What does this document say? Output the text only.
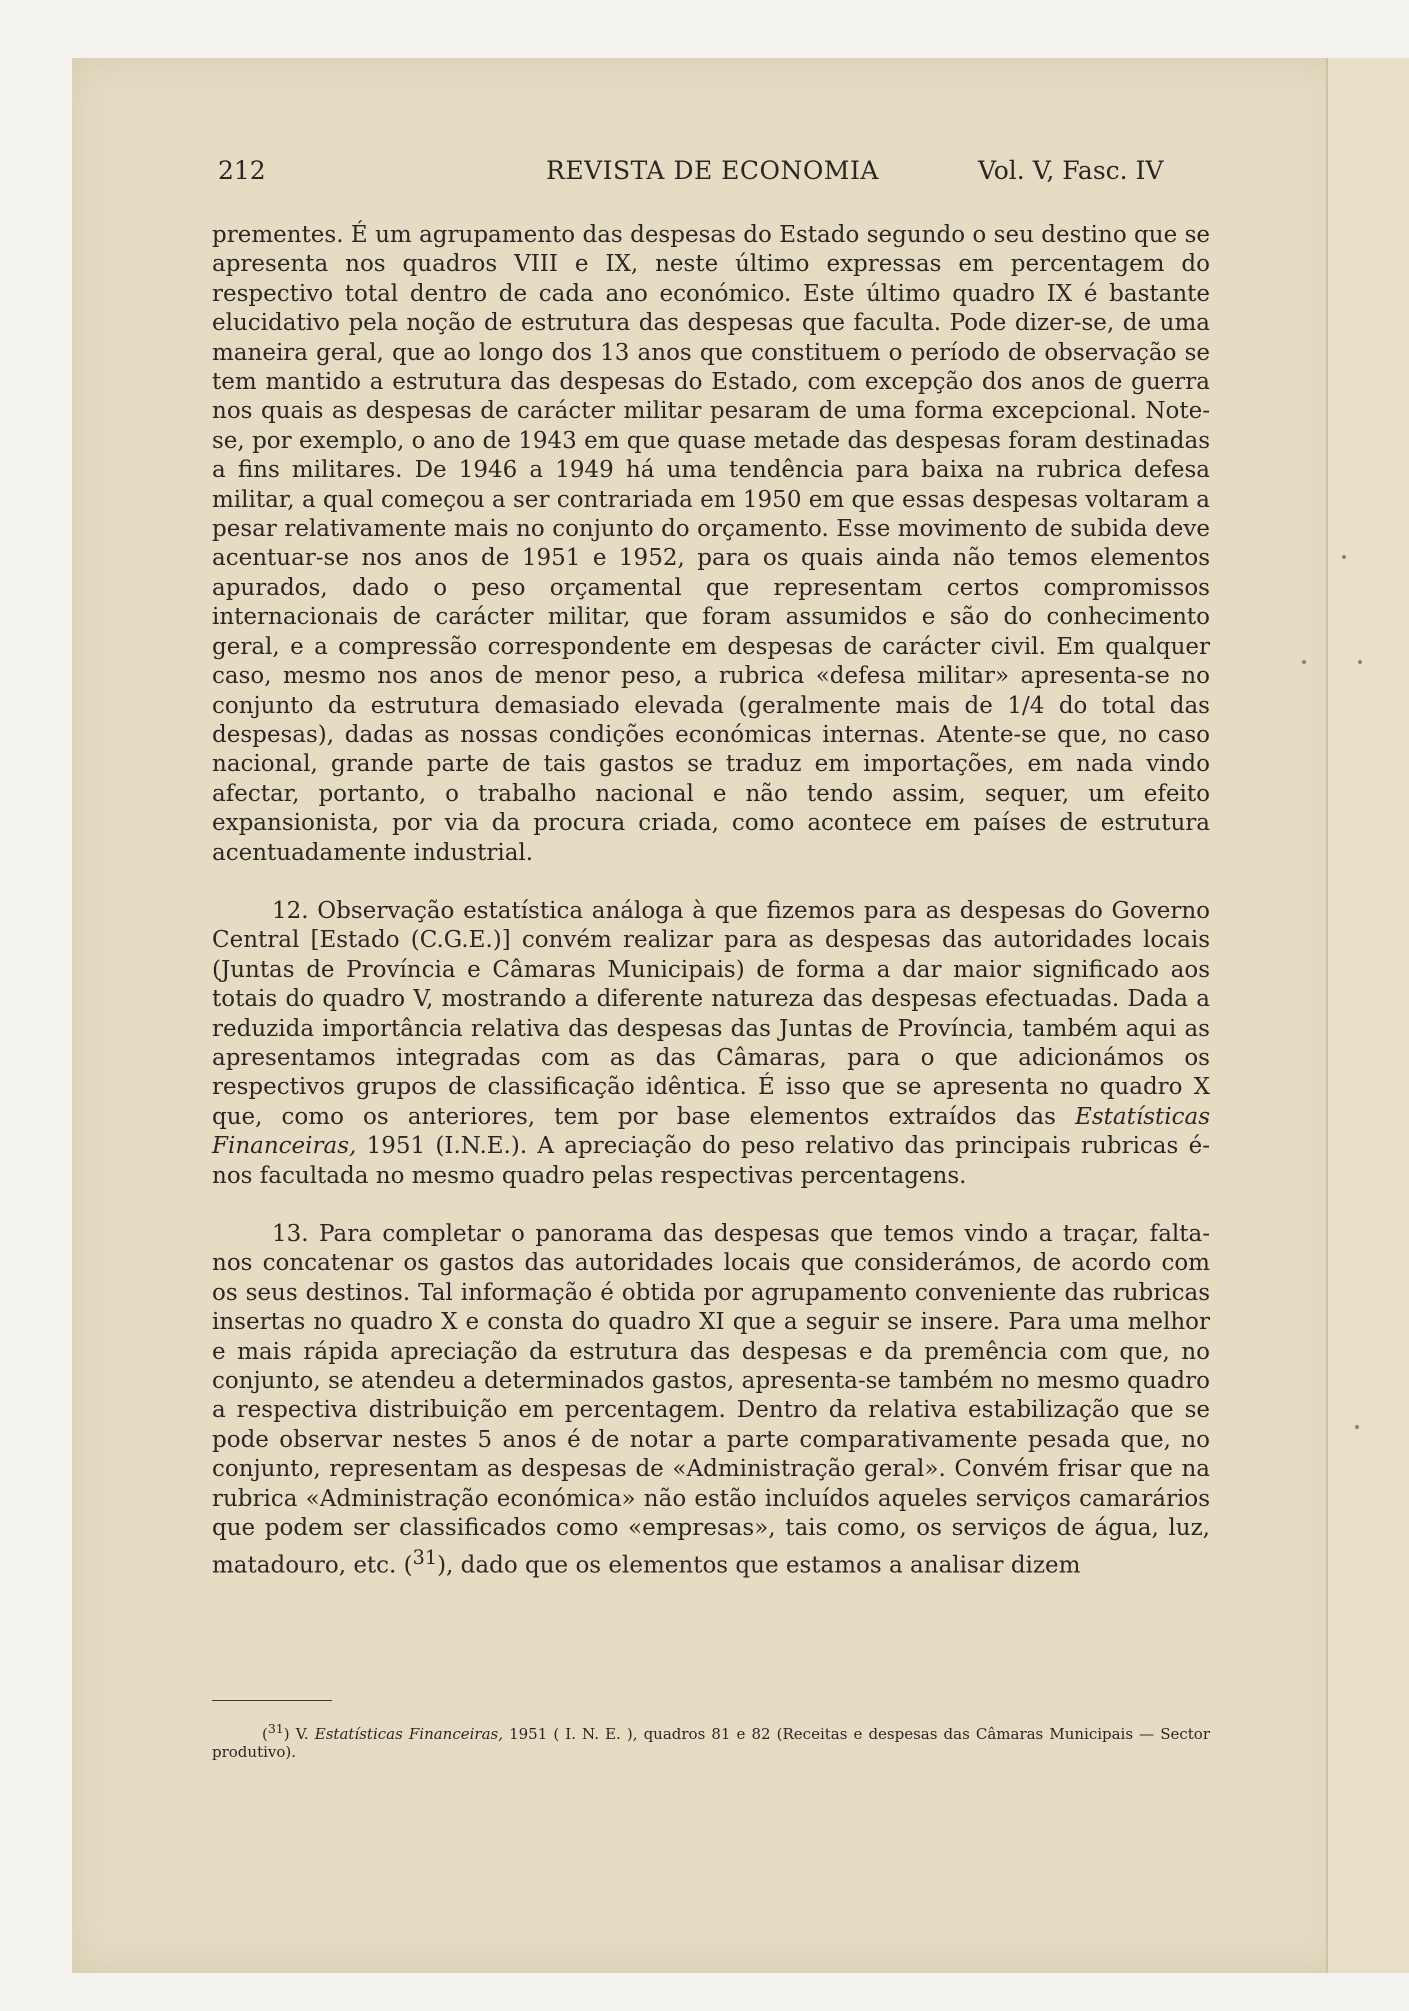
212	REVISTA DE ECONOMIA	Vol. V, Fasc. IV

prementes. É um agrupamento das despesas do Estado segundo o seu destino que se apresenta nos quadros VIII e IX, neste último expressas em percentagem do respectivo total dentro de cada ano económico. Este último quadro IX é bastante elucidativo pela noção de estrutura das despesas que faculta. Pode dizer-se, de uma maneira geral, que ao longo dos 13 anos que constituem o período de observação se tem mantido a estrutura das despesas do Estado, com excepção dos anos de guerra nos quais as despesas de carácter militar pesaram de uma forma excepcional. Note-se, por exemplo, o ano de 1943 em que quase metade das despesas foram destinadas a fins militares. De 1946 a 1949 há uma tendência para baixa na rubrica defesa militar, a qual começou a ser contrariada em 1950 em que essas despesas voltaram a pesar relativamente mais no conjunto do orçamento. Esse movimento de subida deve acentuar-se nos anos de 1951 e 1952, para os quais ainda não temos elementos apurados, dado o peso orçamental que representam certos compromissos internacionais de carácter militar, que foram assumidos e são do conhecimento geral, e a compressão correspondente em despesas de carácter civil. Em qualquer caso, mesmo nos anos de menor peso, a rubrica «defesa militar» apresenta-se no conjunto da estrutura demasiado elevada (geralmente mais de 1/4 do total das despesas), dadas as nossas condições económicas internas. Atente-se que, no caso nacional, grande parte de tais gastos se traduz em importações, em nada vindo afectar, portanto, o trabalho nacional e não tendo assim, sequer, um efeito expansionista, por via da procura criada, como acontece em países de estrutura acentuadamente industrial.

12. Observação estatística análoga à que fizemos para as despesas do Governo Central [Estado (C.G.E.)] convém realizar para as despesas das autoridades locais (Juntas de Província e Câmaras Municipais) de forma a dar maior significado aos totais do quadro V, mostrando a diferente natureza das despesas efectuadas. Dada a reduzida importância relativa das despesas das Juntas de Província, também aqui as apresentamos integradas com as das Câmaras, para o que adicionámos os respectivos grupos de classificação idêntica. É isso que se apresenta no quadro X que, como os anteriores, tem por base elementos extraídos das Estatísticas Financeiras, 1951 (I.N.E.). A apreciação do peso relativo das principais rubricas é-nos facultada no mesmo quadro pelas respectivas percentagens.

13. Para completar o panorama das despesas que temos vindo a traçar, falta-nos concatenar os gastos das autoridades locais que considerámos, de acordo com os seus destinos. Tal informação é obtida por agrupamento conveniente das rubricas insertas no quadro X e consta do quadro XI que a seguir se insere. Para uma melhor e mais rápida apreciação da estrutura das despesas e da premência com que, no conjunto, se atendeu a determinados gastos, apresenta-se também no mesmo quadro a respectiva distribuição em percentagem. Dentro da relativa estabilização que se pode observar nestes 5 anos é de notar a parte comparativamente pesada que, no conjunto, representam as despesas de «Administração geral». Convém frisar que na rubrica «Administração económica» não estão incluídos aqueles serviços camarários que podem ser classificados como «empresas», tais como, os serviços de água, luz, matadouro, etc. ($^{31}$), dado que os elementos que estamos a analisar dizem

($^{31}$) V. Estatísticas Financeiras, 1951 ( I. N. E. ), quadros 81 e 82 (Receitas e despesas das Câmaras Municipais — Sector produtivo).
